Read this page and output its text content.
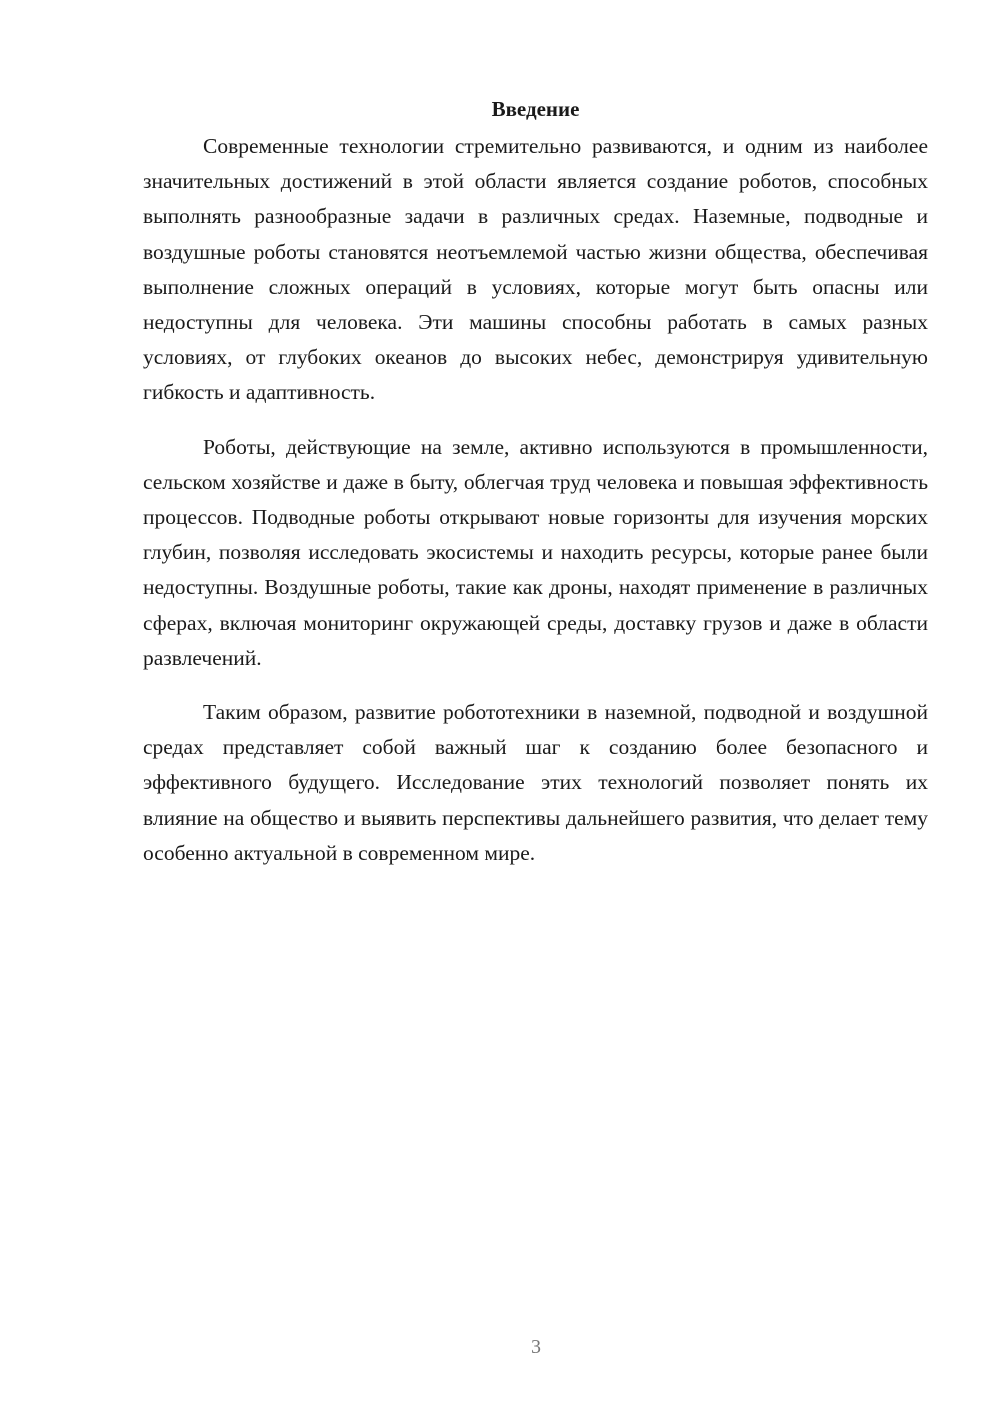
Введение

Современные технологии стремительно развиваются, и одним из наиболее значительных достижений в этой области является создание роботов, способных выполнять разнообразные задачи в различных средах. Наземные, подводные и воздушные роботы становятся неотъемлемой частью жизни общества, обеспечивая выполнение сложных операций в условиях, которые могут быть опасны или недоступны для человека. Эти машины способны работать в самых разных условиях, от глубоких океанов до высоких небес, демонстрируя удивительную гибкость и адаптивность.

Роботы, действующие на земле, активно используются в промышленности, сельском хозяйстве и даже в быту, облегчая труд человека и повышая эффективность процессов. Подводные роботы открывают новые горизонты для изучения морских глубин, позволяя исследовать экосистемы и находить ресурсы, которые ранее были недоступны. Воздушные роботы, такие как дроны, находят применение в различных сферах, включая мониторинг окружающей среды, доставку грузов и даже в области развлечений.

Таким образом, развитие робототехники в наземной, подводной и воздушной средах представляет собой важный шаг к созданию более безопасного и эффективного будущего. Исследование этих технологий позволяет понять их влияние на общество и выявить перспективы дальнейшего развития, что делает тему особенно актуальной в современном мире.

3
